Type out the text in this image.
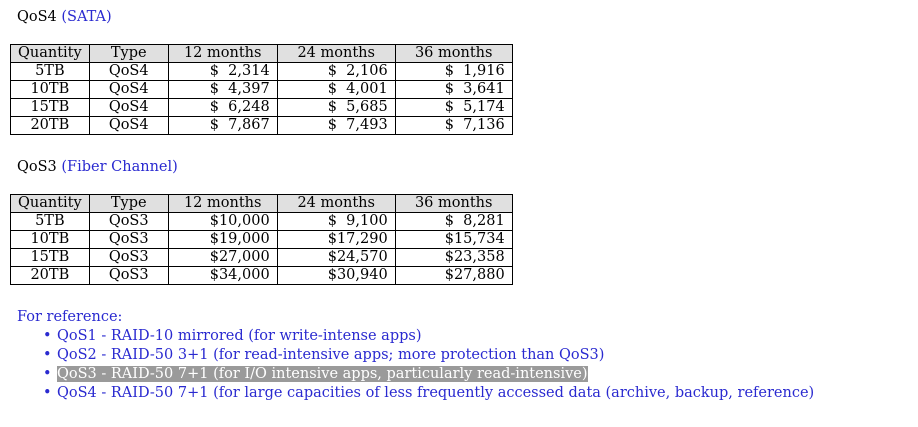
QoS4 (SATA)
Quantity	Type	12 months	24 months	36 months
5TB	QoS4	$  2,314	$  2,106	$  1,916
10TB	QoS4	$  4,397	$  4,001	$  3,641
15TB	QoS4	$  6,248	$  5,685	$  5,174
20TB	QoS4	$  7,867	$  7,493	$  7,136
QoS3 (Fiber Channel)
Quantity	Type	12 months	24 months	36 months
5TB	QoS3	$10,000	$  9,100	$  8,281
10TB	QoS3	$19,000	$17,290	$15,734
15TB	QoS3	$27,000	$24,570	$23,358
20TB	QoS3	$34,000	$30,940	$27,880
For reference:
• QoS1 - RAID-10 mirrored (for write-intense apps)
• QoS2 - RAID-50 3+1 (for read-intensive apps; more protection than QoS3)
• QoS3 - RAID-50 7+1 (for I/O intensive apps, particularly read-intensive)
• QoS4 - RAID-50 7+1 (for large capacities of less frequently accessed data (archive, backup, reference)
